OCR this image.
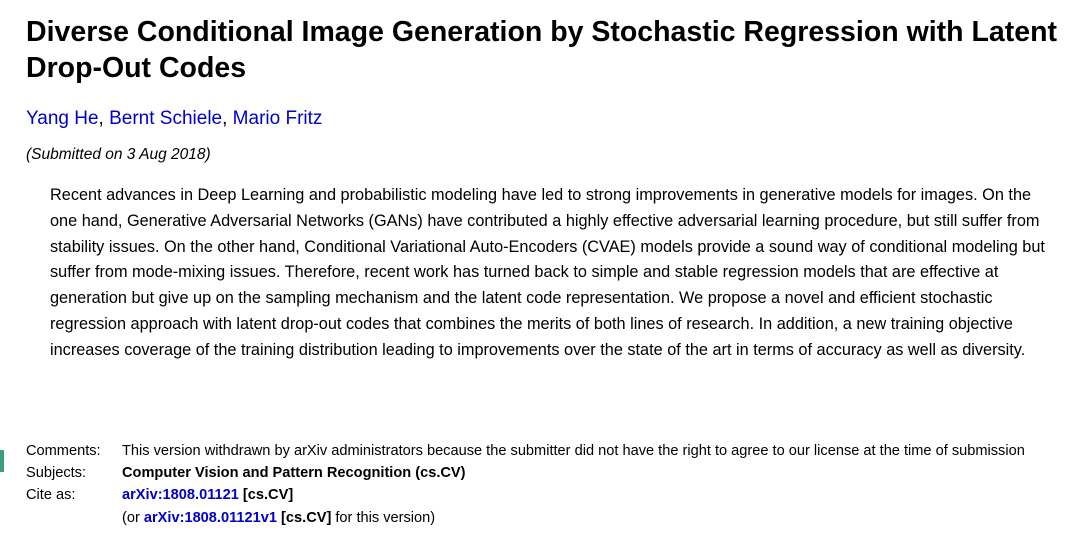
Diverse Conditional Image Generation by Stochastic Regression with Latent Drop-Out Codes
Yang He, Bernt Schiele, Mario Fritz
(Submitted on 3 Aug 2018)

Recent advances in Deep Learning and probabilistic modeling have led to strong improvements in generative models for images. On the one hand, Generative Adversarial Networks (GANs) have contributed a highly effective adversarial learning procedure, but still suffer from stability issues. On the other hand, Conditional Variational Auto-Encoders (CVAE) models provide a sound way of conditional modeling but suffer from mode-mixing issues. Therefore, recent work has turned back to simple and stable regression models that are effective at generation but give up on the sampling mechanism and the latent code representation. We propose a novel and efficient stochastic regression approach with latent drop-out codes that combines the merits of both lines of research. In addition, a new training objective increases coverage of the training distribution leading to improvements over the state of the art in terms of accuracy as well as diversity.

Comments:	This version withdrawn by arXiv administrators because the submitter did not have the right to agree to our license at the time of submission
Subjects:	Computer Vision and Pattern Recognition (cs.CV)
Cite as:	arXiv:1808.01121 [cs.CV]
(or arXiv:1808.01121v1 [cs.CV] for this version)
